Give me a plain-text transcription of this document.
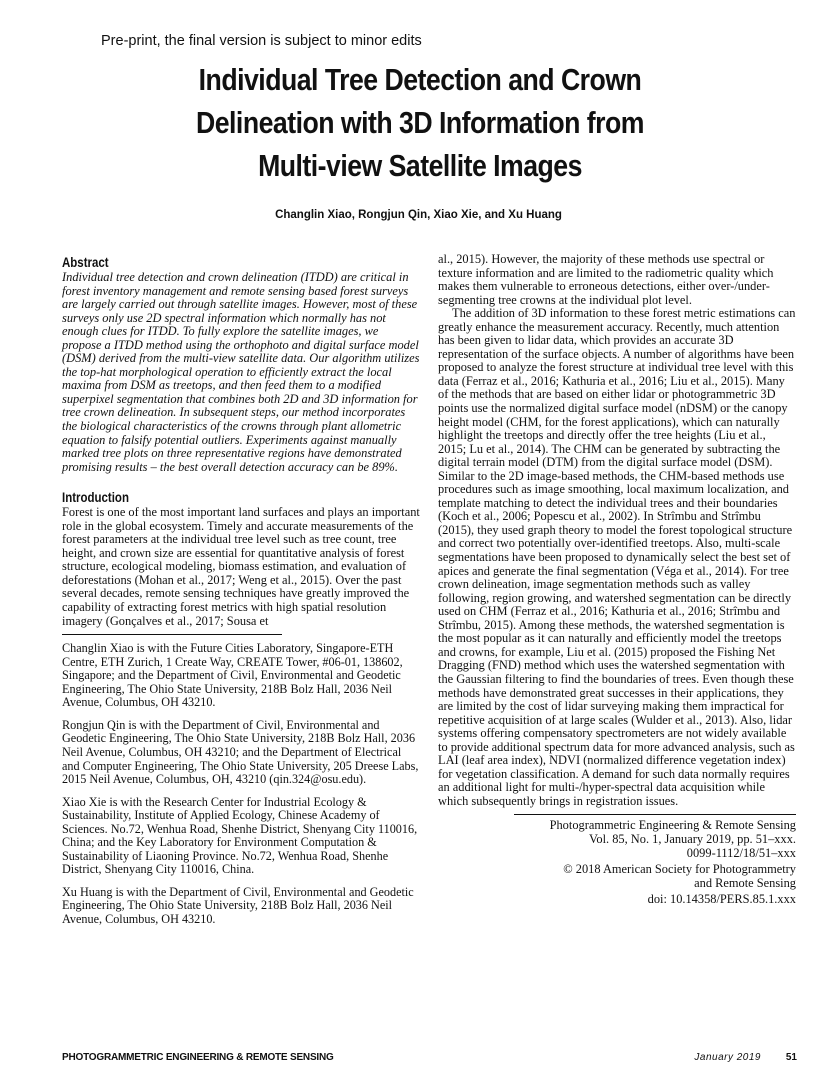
Pre-print, the final version is subject to minor edits
Individual Tree Detection and Crown
Delineation with 3D Information from
Multi-view Satellite Images
Changlin Xiao, Rongjun Qin, Xiao Xie, and Xu Huang
Abstract

Individual tree detection and crown delineation (ITDD) are critical in forest inventory management and remote sensing based forest surveys are largely carried out through satellite images. However, most of these surveys only use 2D spectral information which normally has not enough clues for ITDD. To fully explore the satellite images, we propose a ITDD method using the orthophoto and digital surface model (DSM) derived from the multi-view satellite data. Our algorithm utilizes the top-hat morphological operation to efficiently extract the local maxima from DSM as treetops, and then feed them to a modified superpixel segmentation that combines both 2D and 3D information for tree crown delineation. In subsequent steps, our method incorporates the biological characteristics of the crowns through plant allometric equation to falsify potential outliers. Experiments against manually marked tree plots on three representative regions have demonstrated promising results – the best overall detection accuracy can be 89%.

Introduction

Forest is one of the most important land surfaces and plays an important role in the global ecosystem. Timely and accurate measurements of the forest parameters at the individual tree level such as tree count, tree height, and crown size are essential for quantitative analysis of forest structure, ecological modeling, biomass estimation, and evaluation of deforestations (Mohan et al., 2017; Weng et al., 2015). Over the past several decades, remote sensing techniques have greatly improved the capability of extracting forest metrics with high spatial resolution imagery (Gonçalves et al., 2017; Sousa et

Changlin Xiao is with the Future Cities Laboratory, Singapore-ETH Centre, ETH Zurich, 1 Create Way, CREATE Tower, #06-01, 138602, Singapore; and the Department of Civil, Environmental and Geodetic Engineering, The Ohio State University, 218B Bolz Hall, 2036 Neil Avenue, Columbus, OH 43210.

Rongjun Qin is with the Department of Civil, Environmental and Geodetic Engineering, The Ohio State University, 218B Bolz Hall, 2036 Neil Avenue, Columbus, OH 43210; and the Department of Electrical and Computer Engineering, The Ohio State University, 205 Dreese Labs, 2015 Neil Avenue, Columbus, OH, 43210 (qin.324@osu.edu).

Xiao Xie is with the Research Center for Industrial Ecology & Sustainability, Institute of Applied Ecology, Chinese Academy of Sciences. No.72, Wenhua Road, Shenhe District, Shenyang City 110016, China; and the Key Laboratory for Environment Computation & Sustainability of Liaoning Province. No.72, Wenhua Road, Shenhe District, Shenyang City 110016, China.

Xu Huang is with the Department of Civil, Environmental and Geodetic Engineering, The Ohio State University, 218B Bolz Hall, 2036 Neil Avenue, Columbus, OH 43210.

al., 2015). However, the majority of these methods use spectral or texture information and are limited to the radiometric quality which makes them vulnerable to erroneous detections, either over-/under- segmenting tree crowns at the individual plot level.

The addition of 3D information to these forest metric estimations can greatly enhance the measurement accuracy. Recently, much attention has been given to lidar data, which provides an accurate 3D representation of the surface objects. A number of algorithms have been proposed to analyze the forest structure at individual tree level with this data (Ferraz et al., 2016; Kathuria et al., 2016; Liu et al., 2015). Many of the methods that are based on either lidar or photogrammetric 3D points use the normalized digital surface model (nDSM) or the canopy height model (CHM, for the forest applications), which can naturally highlight the treetops and directly offer the tree heights (Liu et al., 2015; Lu et al., 2014). The CHM can be generated by subtracting the digital terrain model (DTM) from the digital surface model (DSM). Similar to the 2D image-based methods, the CHM-based methods use procedures such as image smoothing, local maximum localization, and template matching to detect the individual trees and their boundaries (Koch et al., 2006; Popescu et al., 2002). In Strîmbu and Strîmbu (2015), they used graph theory to model the forest topological structure and correct two potentially over-identified treetops. Also, multi-scale segmentations have been proposed to dynamically select the best set of apices and generate the final segmentation (Véga et al., 2014). For tree crown delineation, image segmentation methods such as valley following, region growing, and watershed segmentation can be directly used on CHM (Ferraz et al., 2016; Kathuria et al., 2016; Strîmbu and Strîmbu, 2015). Among these methods, the watershed segmentation is the most popular as it can naturally and efficiently model the treetops and crowns, for example, Liu et al. (2015) proposed the Fishing Net Dragging (FND) method which uses the watershed segmentation with the Gaussian filtering to find the boundaries of trees. Even though these methods have demonstrated great successes in their applications, they are limited by the cost of lidar surveying making them impractical for repetitive acquisition of at large scales (Wulder et al., 2013). Also, lidar systems offering compensatory spectrometers are not widely available to provide additional spectrum data for more advanced analysis, such as LAI (leaf area index), NDVI (normalized difference vegetation index) for vegetation classification. A demand for such data normally requires an additional light for multi-/hyper-spectral data acquisition while which subsequently brings in registration issues.

Photogrammetric Engineering & Remote Sensing
Vol. 85, No. 1, January 2019, pp. 51–xxx.
0099-1112/18/51–xxx
© 2018 American Society for Photogrammetry
and Remote Sensing
doi: 10.14358/PERS.85.1.xxx
PHOTOGRAMMETRIC ENGINEERING & REMOTE SENSING	January 2019 51
